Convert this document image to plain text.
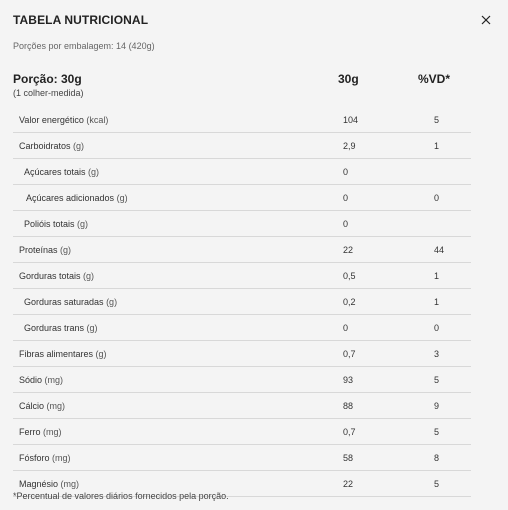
TABELA NUTRICIONAL
Porções por embalagem: 14 (420g)
Porção: 30g
(1 colher-medida)
30g	%VD*
Valor energético (kcal)	104	5
Carboidratos (g)	2,9	1
Açúcares totais (g)	0
Açúcares adicionados (g)	0	0
Polióis totais (g)	0
Proteínas (g)	22	44
Gorduras totais (g)	0,5	1
Gorduras saturadas (g)	0,2	1
Gorduras trans (g)	0	0
Fibras alimentares (g)	0,7	3
Sódio (mg)	93	5
Cálcio (mg)	88	9
Ferro (mg)	0,7	5
Fósforo (mg)	58	8
Magnésio (mg)	22	5
*Percentual de valores diários fornecidos pela porção.
